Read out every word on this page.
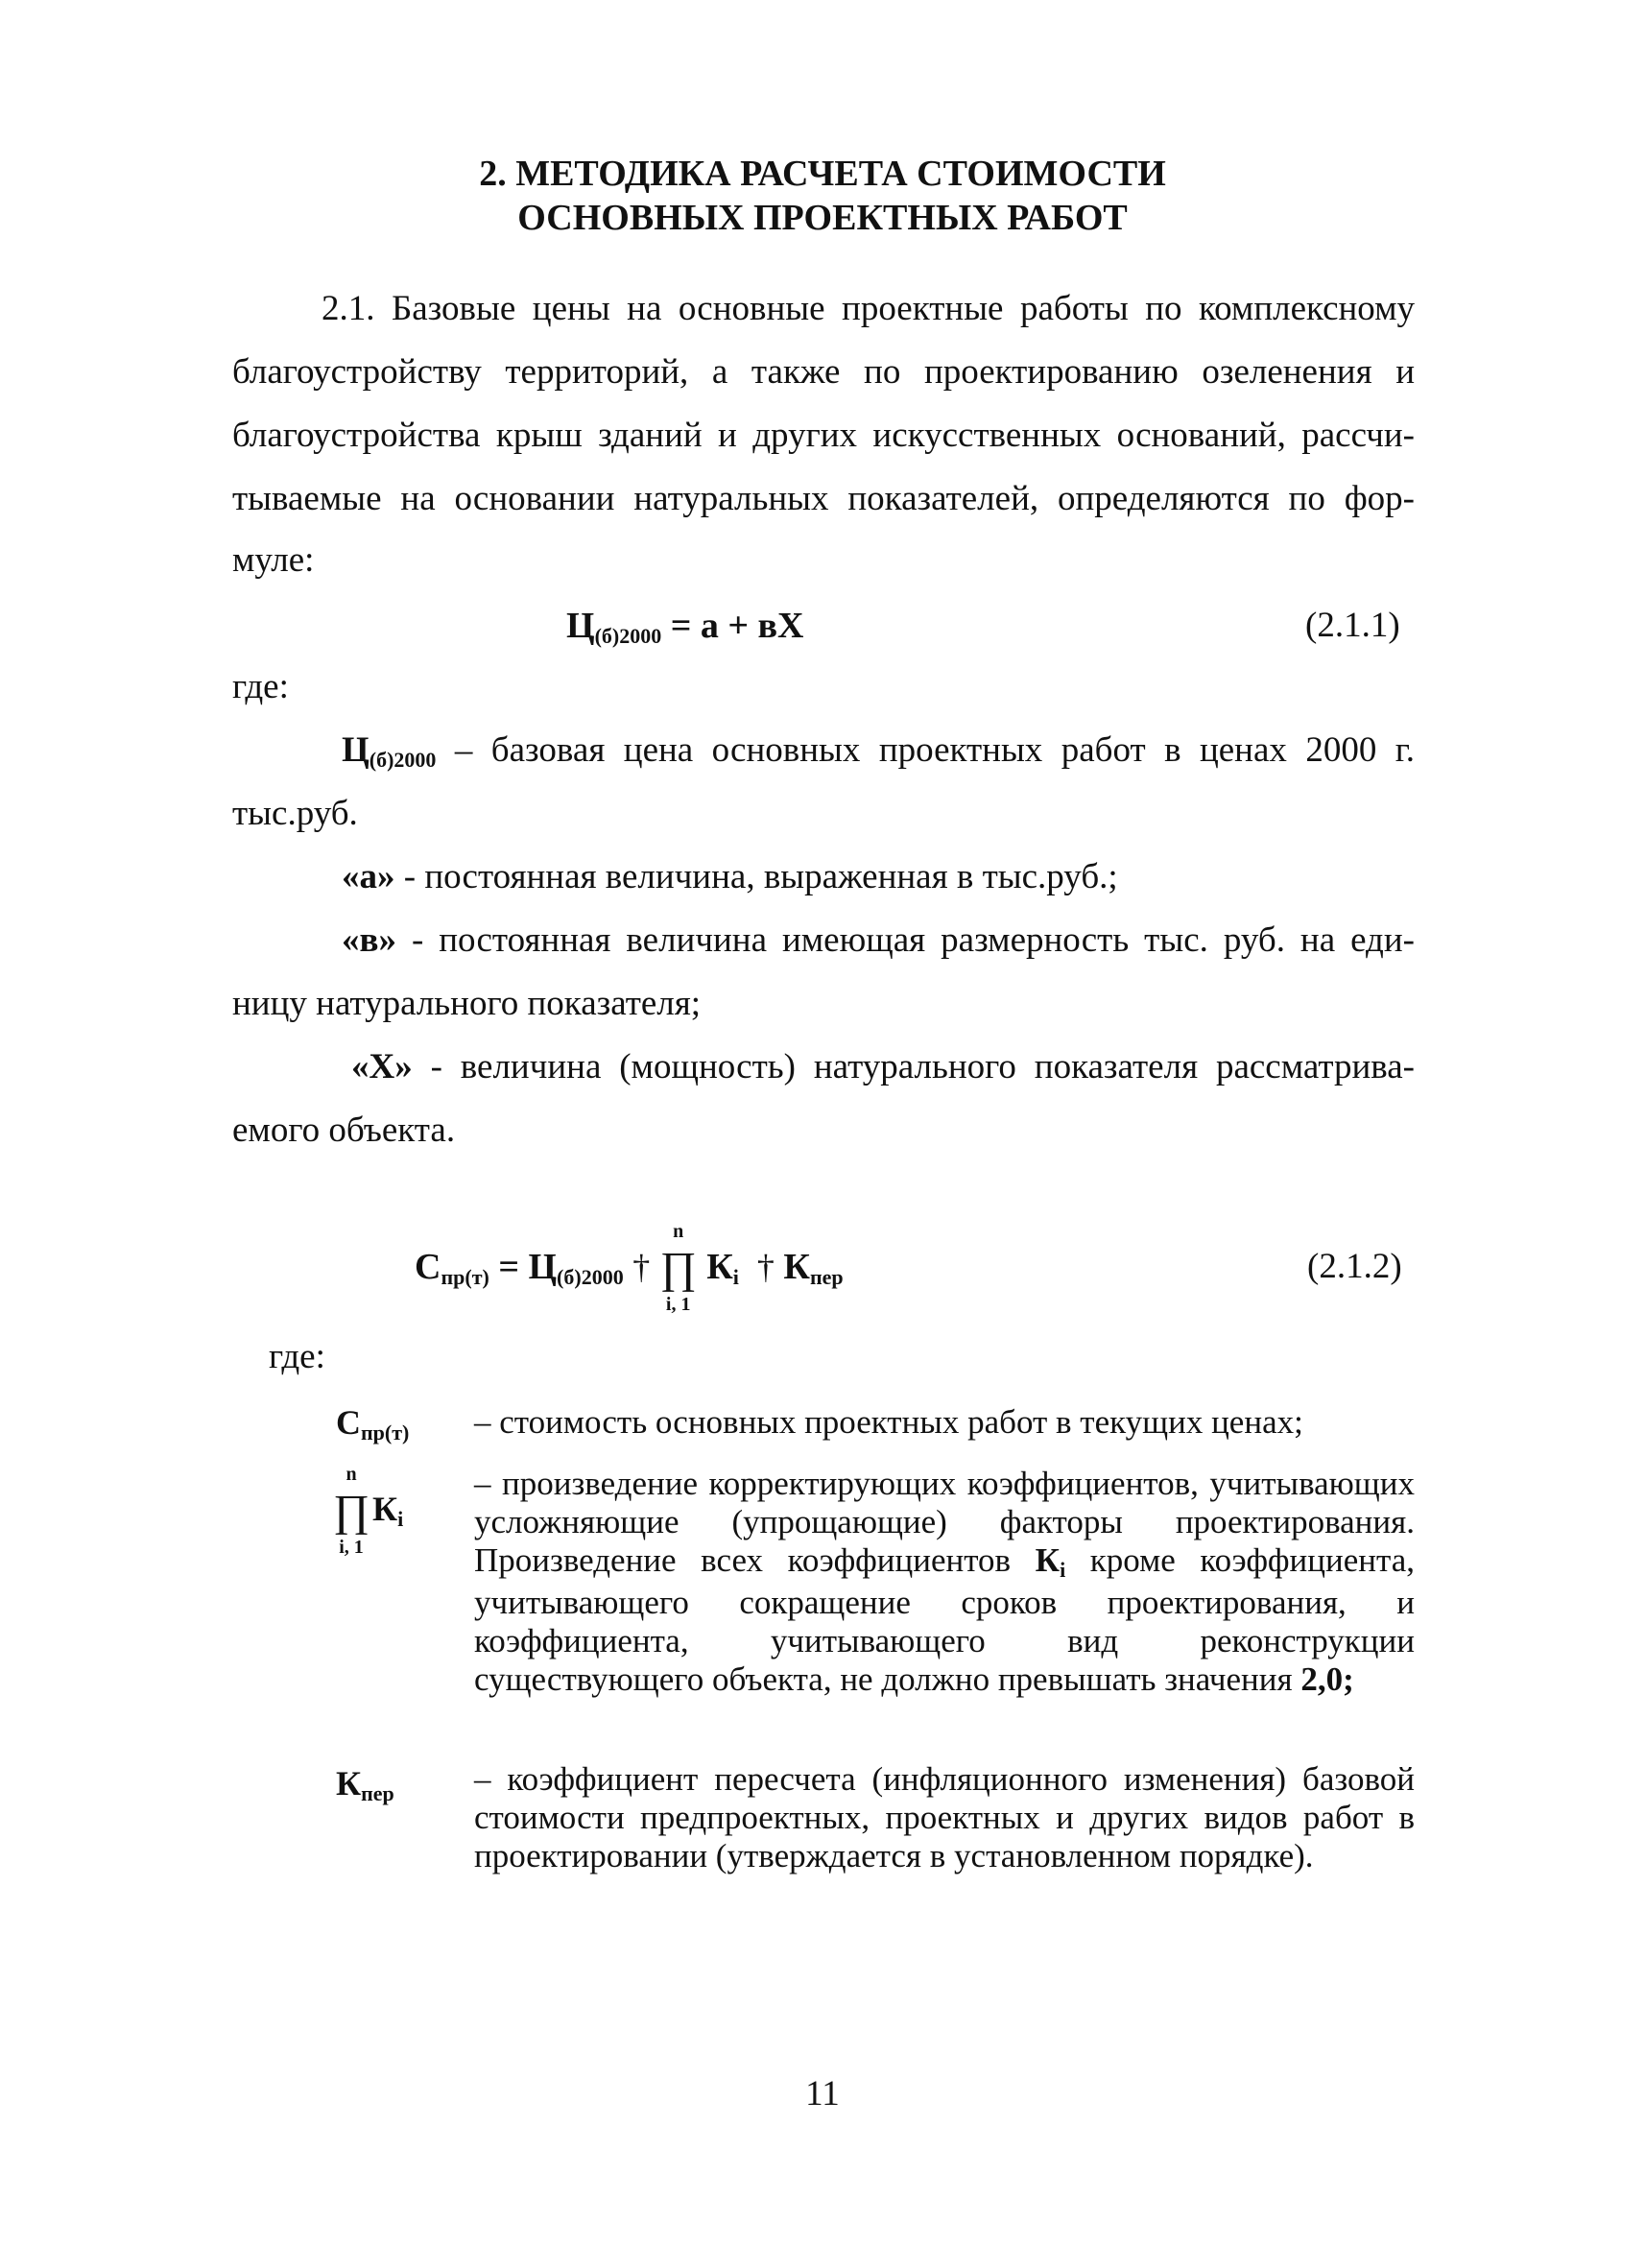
2. МЕТОДИКА РАСЧЕТА СТОИМОСТИ
ОСНОВНЫХ ПРОЕКТНЫХ РАБОТ
2.1. Базовые цены на основные проектные работы по комплексному
благоустройству территорий, а также по проектированию озеленения и
благоустройства крыш зданий и других искусственных оснований, рассчи-
тываемые на основании натуральных показателей, определяются по фор-
муле:
$Ц_{(б)2000} = а$ + вХ	(2.1.1)
где:
$Ц_{(б)2000}$ – базовая цена основных проектных работ в ценах 2000 г.
тыс.руб.
«а» - постоянная величина, выраженная в тыс.руб.;
«в» - постоянная величина имеющая размерность тыс. руб. на еди-
ницу натурального показателя;
«Х» - величина (мощность) натурального показателя рассматрива-
емого объекта.
$С_{пр(т)} = Ц_{(б)2000}$ †
n
∏
i, 1
$К_i$ † $К_{пер}$	(2.1.2)
где:
$С_{пр(т)}$ – стоимость основных проектных работ в текущих ценах;
n
∏
i, 1
$К_i$
– произведение корректирующих коэффициентов, учитывающих усложняющие (упрощающие) факторы проектирования. Произведение всех коэффициентов $К_i$ кроме коэффициента, учитывающего сокращение сроков проектирования, и коэффициента, учитывающего вид реконструкции существующего объекта, не должно превышать значения 2,0;
$К_{пер}$ – коэффициент пересчета (инфляционного изменения) базовой стоимости предпроектных, проектных и других видов работ в проектировании (утверждается в установленном порядке).
11
